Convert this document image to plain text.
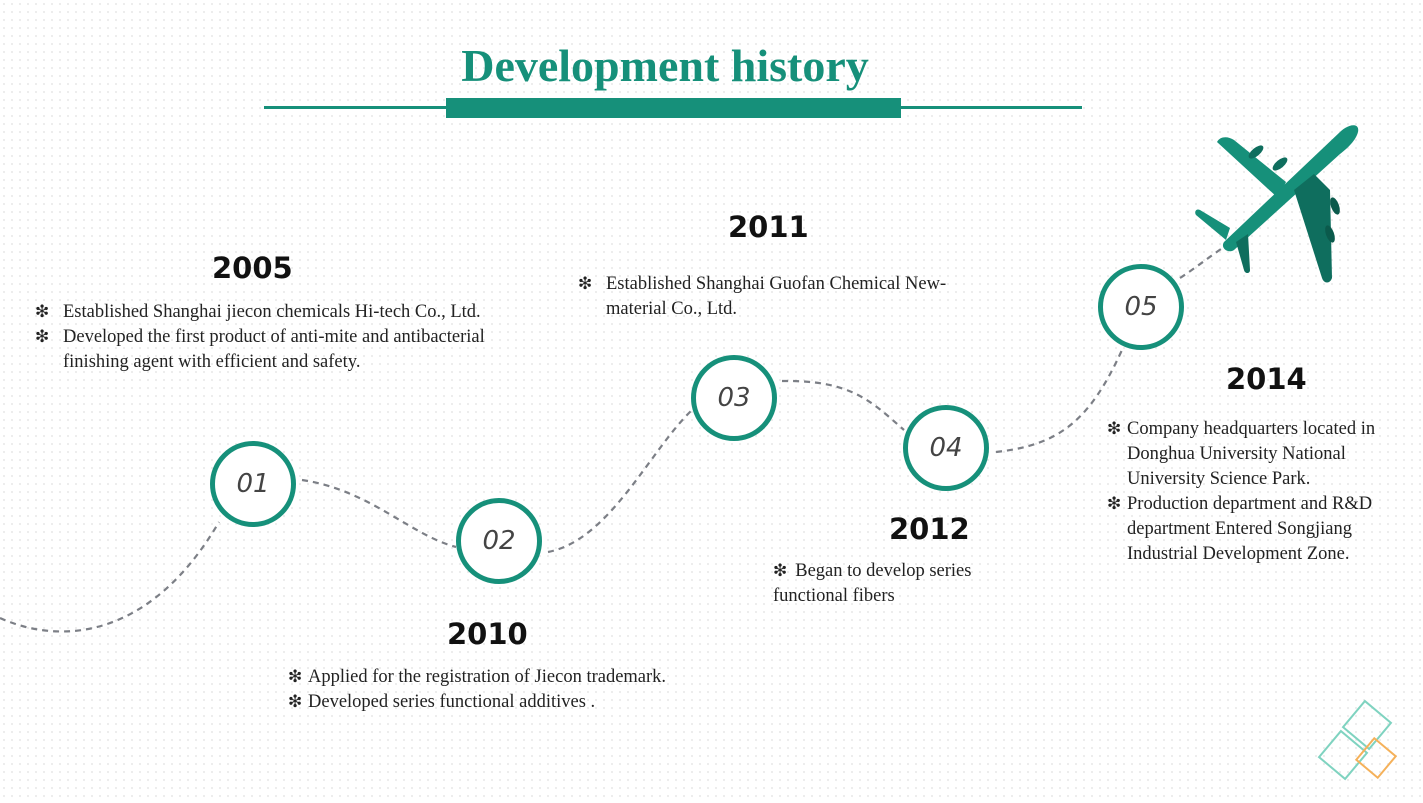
Development history
01
02
03
04
05
2005
❇ Established Shanghai jiecon chemicals Hi-tech Co., Ltd.
❇ Developed the first product of anti-mite and antibacterial finishing agent with efficient and safety.
2010
❇ Applied for the registration of Jiecon trademark.
❇ Developed series functional additives .
2011
❇ Established Shanghai Guofan Chemical New-material Co., Ltd.
2012
❇ Began to develop series functional fibers
2014
❇ Company headquarters located in Donghua University National University Science Park.
❇ Production department and R&D department Entered Songjiang Industrial Development Zone.
